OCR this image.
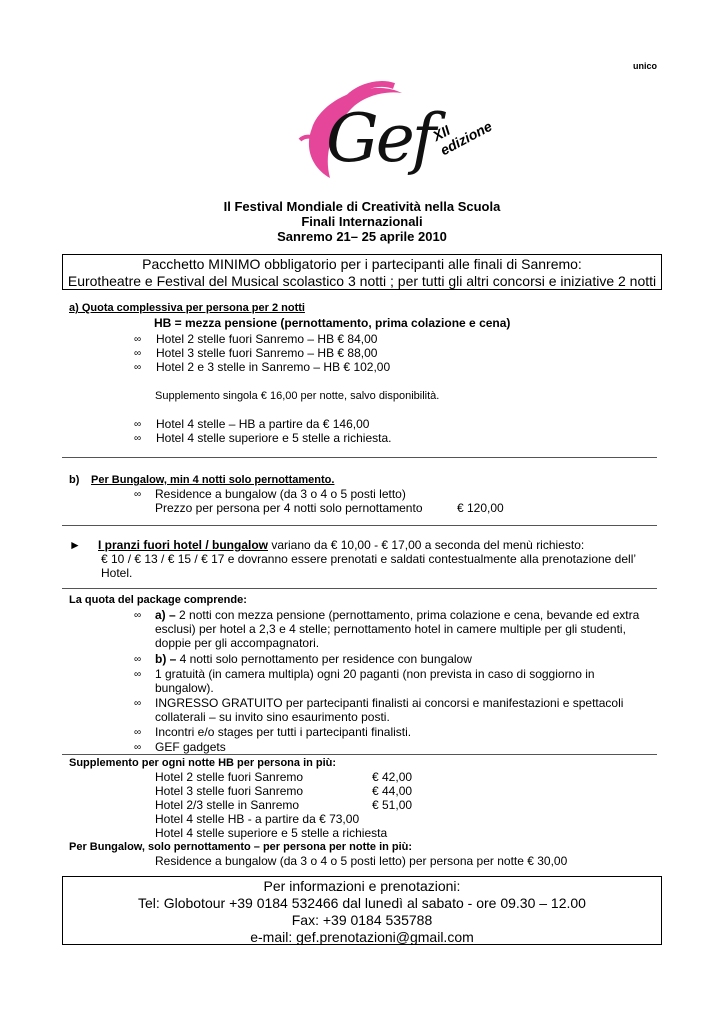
unico
Gef
XII edizione
Il Festival Mondiale di Creatività nella Scuola
Finali Internazionali
Sanremo 21– 25 aprile 2010
Pacchetto MINIMO obbligatorio per i partecipanti alle finali di Sanremo:
Eurotheatre e Festival del Musical scolastico 3 notti ; per tutti gli altri concorsi e iniziative 2 notti
a) Quota complessiva per persona per 2 notti
HB = mezza pensione (pernottamento, prima colazione e cena)
∞ Hotel 2 stelle fuori Sanremo – HB € 84,00
∞ Hotel 3 stelle fuori Sanremo – HB € 88,00
∞ Hotel 2 e 3 stelle in Sanremo – HB € 102,00
Supplemento singola € 16,00 per notte, salvo disponibilità.
∞ Hotel 4 stelle – HB a partire da € 146,00
∞ Hotel 4 stelle superiore e 5 stelle a richiesta.
b) Per Bungalow, min 4 notti solo pernottamento.
∞ Residence a bungalow (da 3 o 4 o 5 posti letto)
Prezzo per persona per 4 notti solo pernottamento	€ 120,00
► I pranzi fuori hotel / bungalow variano da € 10,00 - € 17,00 a seconda del menù richiesto:
€ 10 / € 13 / € 15 / € 17 e dovranno essere prenotati e saldati contestualmente alla prenotazione dell’
Hotel.
La quota del package comprende:
∞ a) – 2 notti con mezza pensione (pernottamento, prima colazione e cena, bevande ed extra
esclusi) per hotel a 2,3 e 4 stelle; pernottamento hotel in camere multiple per gli studenti,
doppie per gli accompagnatori.
∞ b) – 4 notti solo pernottamento per residence con bungalow
∞ 1 gratuità (in camera multipla) ogni 20 paganti (non prevista in caso di soggiorno in
bungalow).
∞ INGRESSO GRATUITO per partecipanti finalisti ai concorsi e manifestazioni e spettacoli
collaterali – su invito sino esaurimento posti.
∞ Incontri e/o stages per tutti i partecipanti finalisti.
∞ GEF gadgets
Supplemento per ogni notte HB per persona in più:
Hotel 2 stelle fuori Sanremo	€ 42,00
Hotel 3 stelle fuori Sanremo	€ 44,00
Hotel 2/3 stelle in Sanremo	€ 51,00
Hotel 4 stelle HB - a partire da € 73,00
Hotel 4 stelle superiore e 5 stelle a richiesta
Per Bungalow, solo pernottamento – per persona per notte in più:
Residence a bungalow (da 3 o 4 o 5 posti letto) per persona per notte € 30,00
Per informazioni e prenotazioni:
Tel: Globotour +39 0184 532466 dal lunedì al sabato - ore 09.30 – 12.00
Fax: +39 0184 535788
e-mail: gef.prenotazioni@gmail.com
